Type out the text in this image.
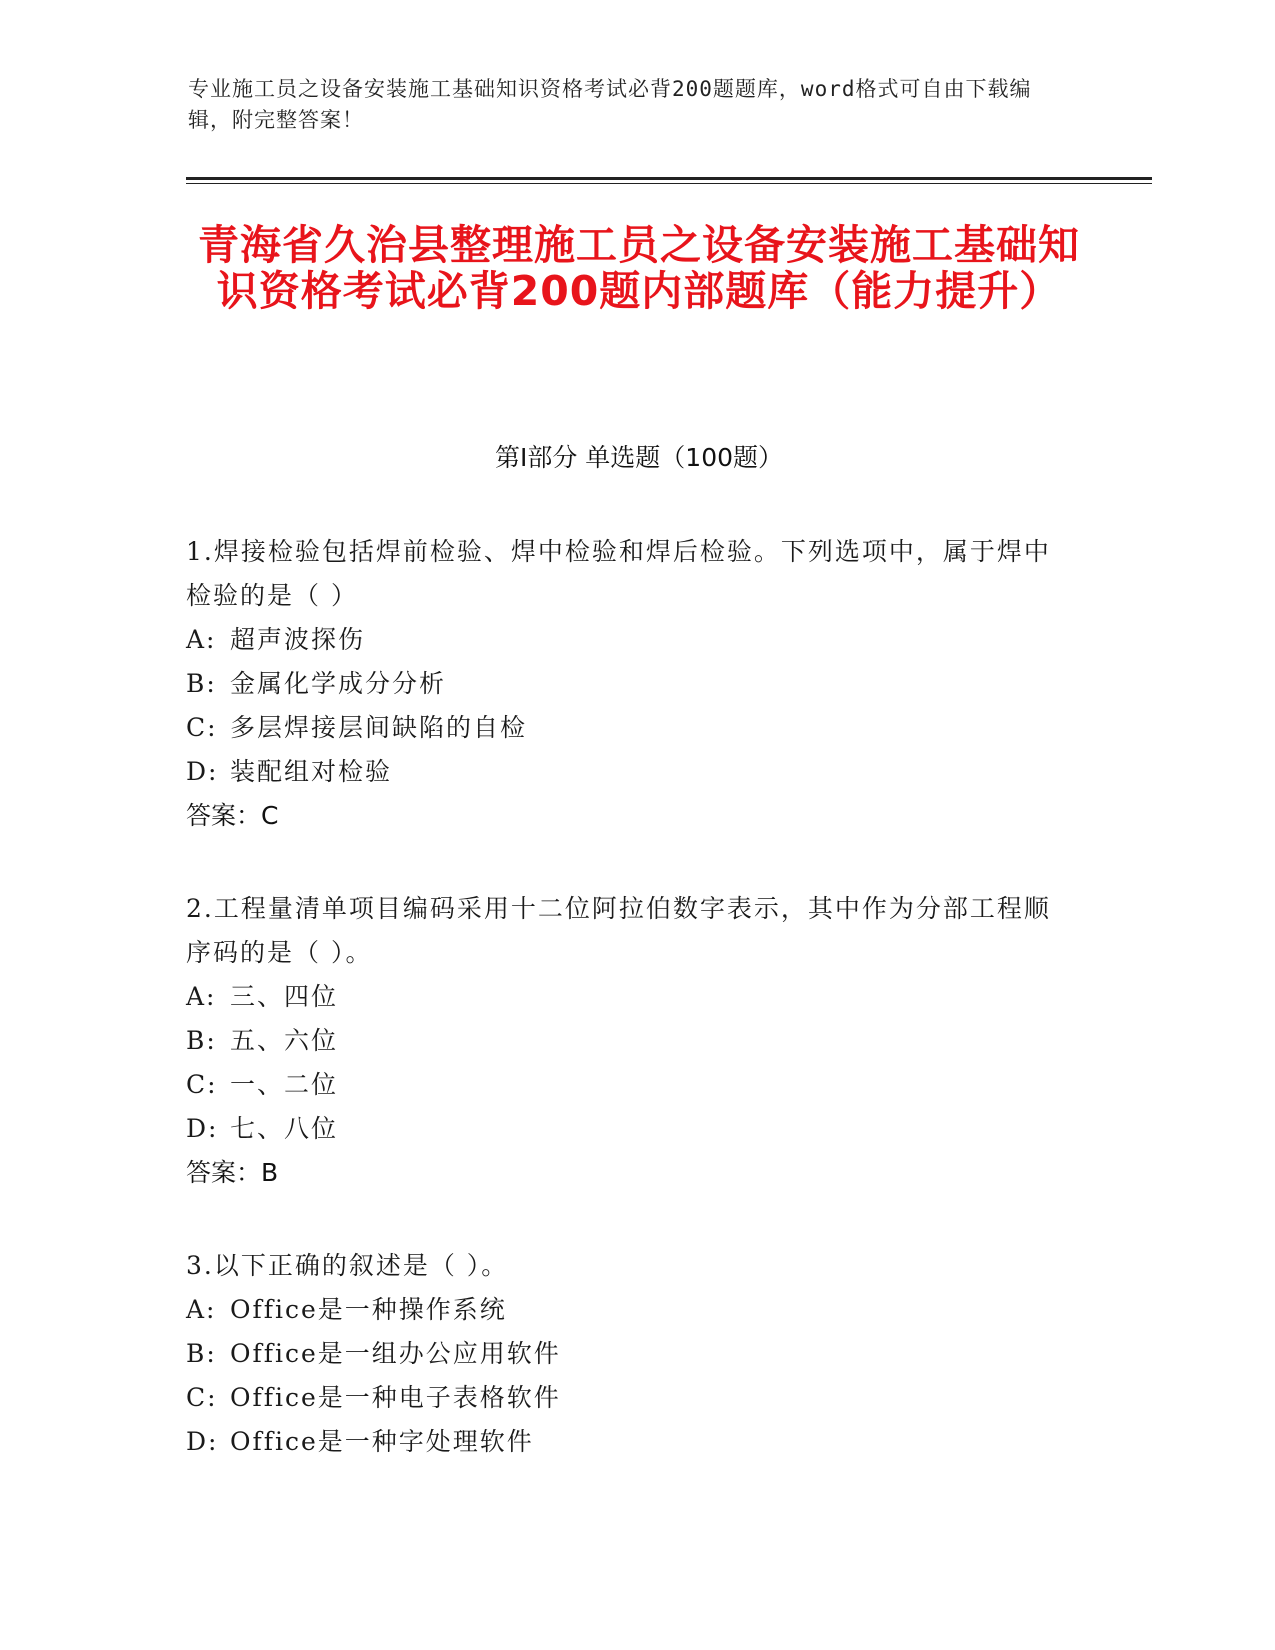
专业施工员之设备安装施工基础知识资格考试必背200题题库，word格式可自由下载编辑，附完整答案！
青海省久治县整理施工员之设备安装施工基础知识资格考试必背200题内部题库（能力提升）
第I部分 单选题（100题）
1.焊接检验包括焊前检验、焊中检验和焊后检验。下列选项中，属于焊中检验的是（ ）
A: 超声波探伤
B: 金属化学成分分析
C: 多层焊接层间缺陷的自检
D: 装配组对检验
答案：C
2.工程量清单项目编码采用十二位阿拉伯数字表示，其中作为分部工程顺序码的是（ ）。
A: 三、四位
B: 五、六位
C: 一、二位
D: 七、八位
答案：B
3.以下正确的叙述是（ ）。
A: Office是一种操作系统
B: Office是一组办公应用软件
C: Office是一种电子表格软件
D: Office是一种字处理软件
